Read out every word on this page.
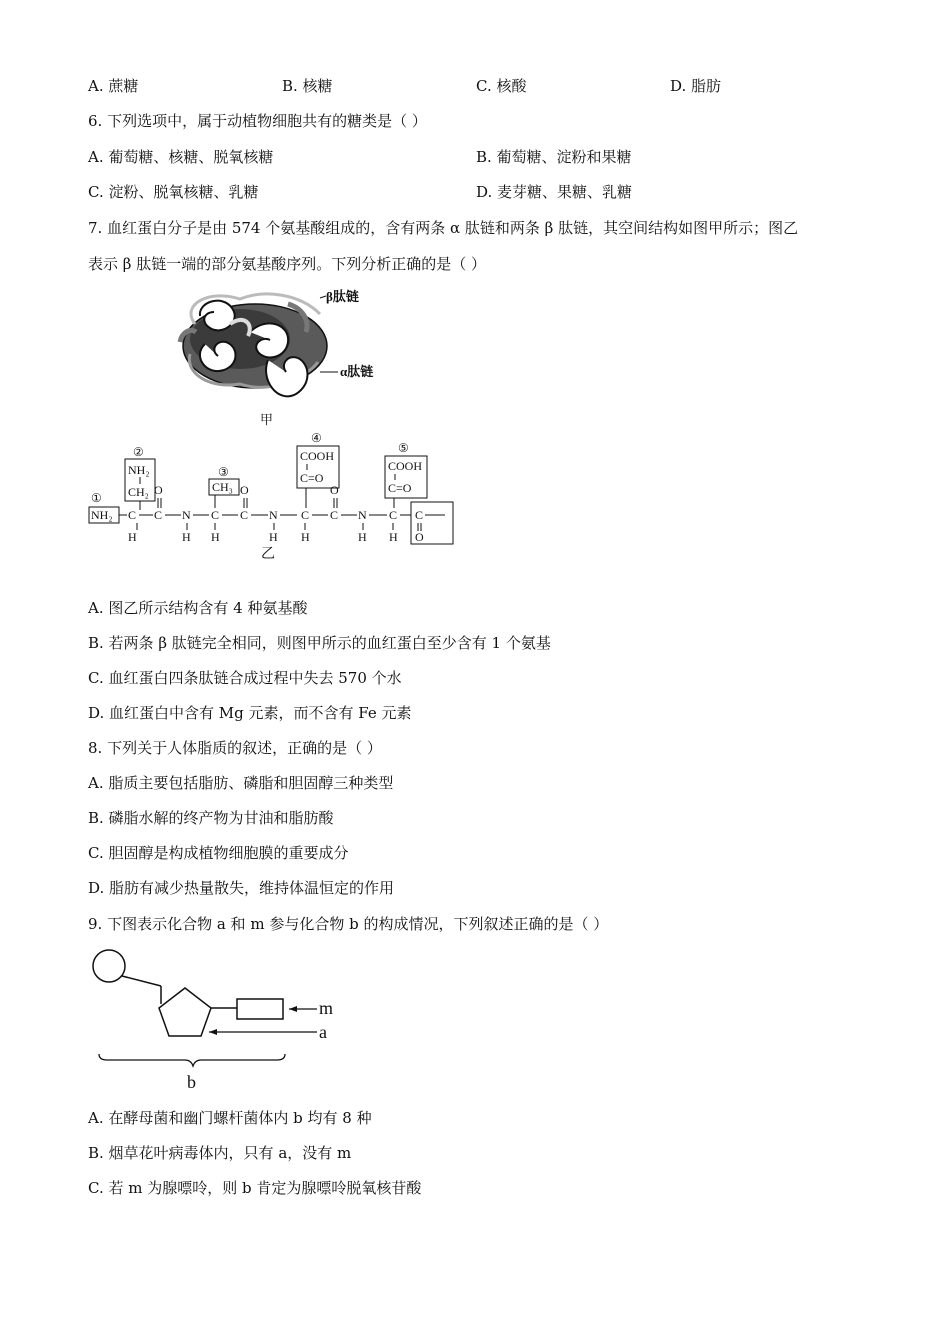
A. 蔗糖	B. 核糖	C. 核酸	D. 脂肪
6. 下列选项中，属于动植物细胞共有的糖类是（ ）
A. 葡萄糖、核糖、脱氧核糖	B. 葡萄糖、淀粉和果糖
C. 淀粉、脱氧核糖、乳糖	D. 麦芽糖、果糖、乳糖
7. 血红蛋白分子是由 574 个氨基酸组成的，含有两条 α 肽链和两条 β 肽链，其空间结构如图甲所示；图乙
表示 β 肽链一端的部分氨基酸序列。下列分析正确的是（ ）
β肽链
α肽链
甲
①
②
③
④
⑤
NH₂
NH₂
CH₂
C
H
C
O
N
H
CH₃
C
H
C
O
N
H
COOH
C=O
C
H
C
O
N
H
COOH
C=O
C
H
C
O
乙
A. 图乙所示结构含有 4 种氨基酸
B. 若两条 β 肽链完全相同，则图甲所示的血红蛋白至少含有 1 个氨基
C. 血红蛋白四条肽链合成过程中失去 570 个水
D. 血红蛋白中含有 Mg 元素，而不含有 Fe 元素
8. 下列关于人体脂质的叙述，正确的是（ ）
A. 脂质主要包括脂肪、磷脂和胆固醇三种类型
B. 磷脂水解的终产物为甘油和脂肪酸
C. 胆固醇是构成植物细胞膜的重要成分
D. 脂肪有减少热量散失，维持体温恒定的作用
9. 下图表示化合物 a 和 m 参与化合物 b 的构成情况，下列叙述正确的是（ ）
m
a
b
A. 在酵母菌和幽门螺杆菌体内 b 均有 8 种
B. 烟草花叶病毒体内，只有 a，没有 m
C. 若 m 为腺嘌呤，则 b 肯定为腺嘌呤脱氧核苷酸
